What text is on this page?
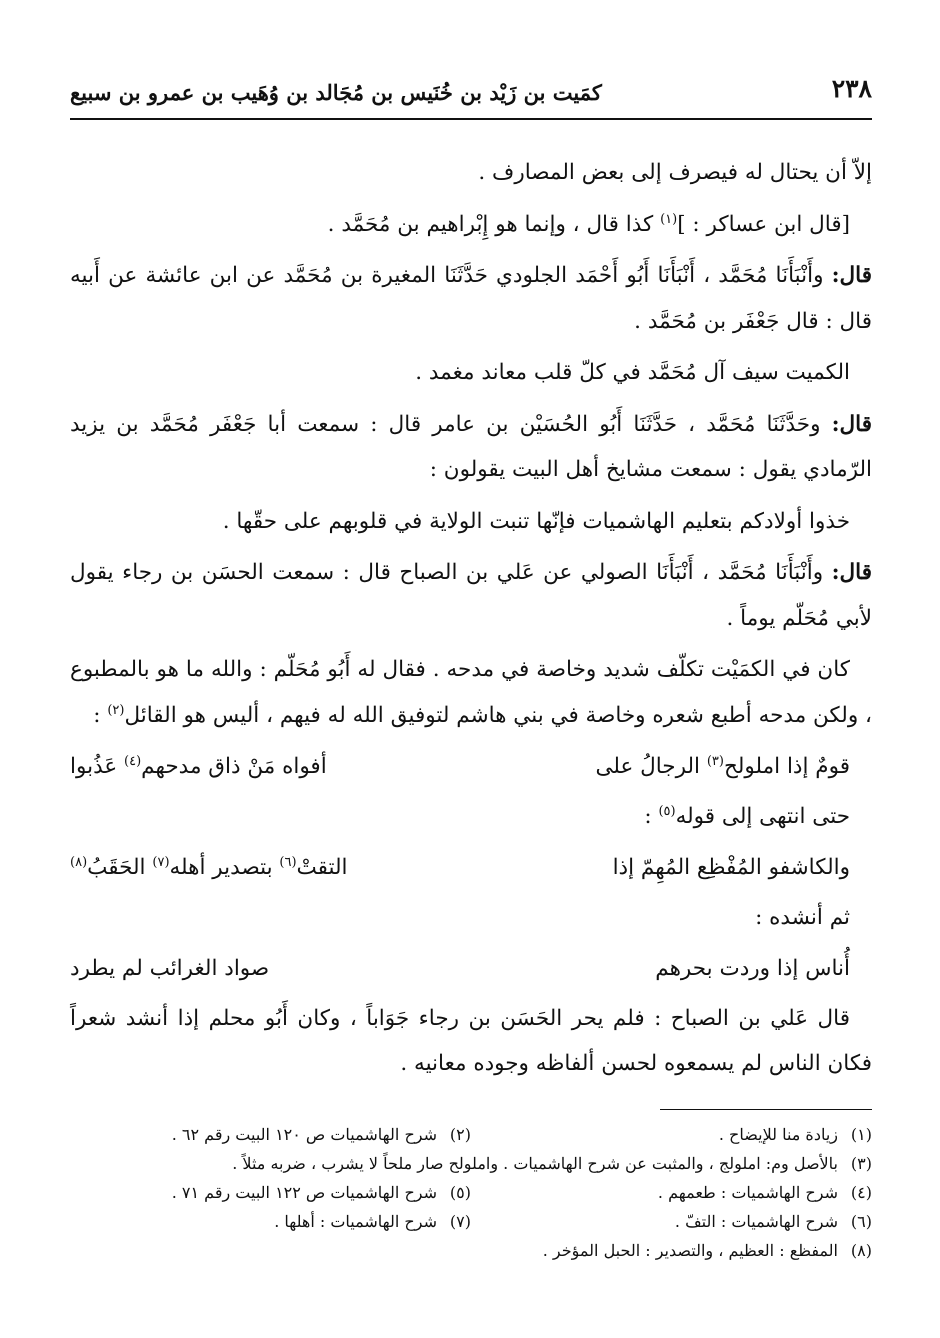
٢٣٨
كمَيت بن زَيْد بن خُنَيس بن مُجَالد بن وُهَيب بن عمرو بن سبيع

إلاّ أن يحتال له فيصرف إلى بعض المصارف .

[قال ابن عساكر : ]$^{(١)}$ كذا قال ، وإنما هو إِبْراهيم بن مُحَمَّد .

قال: وأَنْبَأَنَا مُحَمَّد ، أَنْبَأَنَا أَبُو أَحْمَد الجلودي حَدَّثَنَا المغيرة بن مُحَمَّد عن ابن عائشة عن أَبيه قال : قال جَعْفَر بن مُحَمَّد .

الكميت سيف آل مُحَمَّد في كلّ قلب معاند مغمد .

قال: وحَدَّثَنَا مُحَمَّد ، حَدَّثَنَا أَبُو الحُسَيْن بن عامر قال : سمعت أبا جَعْفَر مُحَمَّد بن يزيد الرّمادي يقول : سمعت مشايخ أهل البيت يقولون :

خذوا أولادكم بتعليم الهاشميات فإنّها تنبت الولاية في قلوبهم على حقّها .

قال: وأَنْبَأَنَا مُحَمَّد ، أَنْبَأَنَا الصولي عن عَلي بن الصباح قال : سمعت الحسَن بن رجاء يقول لأبي مُحَلّم يوماً .

كان في الكمَيْت تكلّف شديد وخاصة في مدحه . فقال له أَبُو مُحَلّم : والله ما هو بالمطبوع ، ولكن مدحه أطبع شعره وخاصة في بني هاشم لتوفيق الله له فيهم ، أليس هو القائل$^{(٢)}$ :

قومٌ إذا املولح$^{(٣)}$ الرجالُ على
أفواه مَنْ ذاق مدحهم$^{(٤)}$ عَذُبوا

حتى انتهى إلى قوله$^{(٥)}$ :

والكاشفو المُفْظِع المُهِمّ إذا
التقتْ$^{(٦)}$ بتصدير أهله$^{(٧)}$ الحَقَبُ$^{(٨)}$

ثم أنشده :

أُناس إذا وردت بحرهم
صواد الغرائب لم يطرد

قال عَلي بن الصباح : فلم يحر الحَسَن بن رجاء جَوَاباً ، وكان أَبُو محلم إذا أنشد شعراً فكان الناس لم يسمعوه لحسن ألفاظه وجوده معانيه .

(١)زيادة منا للإيضاح .
(٢)شرح الهاشميات ص ١٢٠ البيت رقم ٦٢ .
(٣)بالأصل وم: املولج ، والمثبت عن شرح الهاشميات . واملولح صار ملحاً لا يشرب ، ضربه مثلاً .
(٤)شرح الهاشميات : طعمهم .
(٥)شرح الهاشميات ص ١٢٢ البيت رقم ٧١ .
(٦)شرح الهاشميات : التفّ .
(٧)شرح الهاشميات : أهلها .
(٨)المفظع : العظيم ، والتصدير : الحبل المؤخر .
